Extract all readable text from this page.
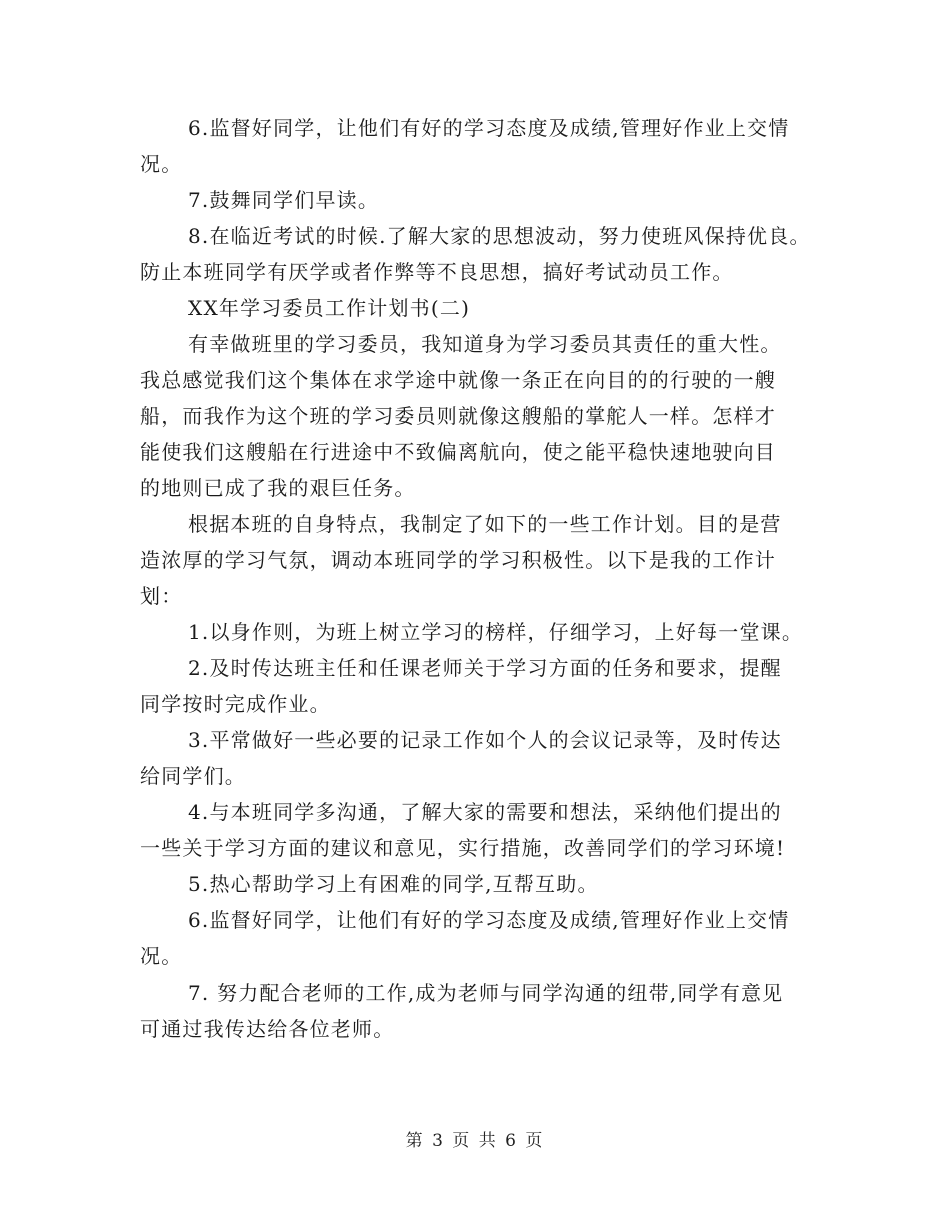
6.监督好同学，让他们有好的学习态度及成绩,管理好作业上交情
况。
7.鼓舞同学们早读。
8.在临近考试的时候.了解大家的思想波动，努力使班风保持优良。
防止本班同学有厌学或者作弊等不良思想，搞好考试动员工作。
XX年学习委员工作计划书(二)
有幸做班里的学习委员，我知道身为学习委员其责任的重大性。
我总感觉我们这个集体在求学途中就像一条正在向目的的行驶的一艘
船，而我作为这个班的学习委员则就像这艘船的掌舵人一样。怎样才
能使我们这艘船在行进途中不致偏离航向，使之能平稳快速地驶向目
的地则已成了我的艰巨任务。
根据本班的自身特点，我制定了如下的一些工作计划。目的是营
造浓厚的学习气氛，调动本班同学的学习积极性。以下是我的工作计
划：
1.以身作则，为班上树立学习的榜样，仔细学习，上好每一堂课。
2.及时传达班主任和任课老师关于学习方面的任务和要求，提醒
同学按时完成作业。
3.平常做好一些必要的记录工作如个人的会议记录等，及时传达
给同学们。
4.与本班同学多沟通，了解大家的需要和想法，采纳他们提出的
一些关于学习方面的建议和意见，实行措施，改善同学们的学习环境!
5.热心帮助学习上有困难的同学,互帮互助。
6.监督好同学，让他们有好的学习态度及成绩,管理好作业上交情
况。
7. 努力配合老师的工作,成为老师与同学沟通的纽带,同学有意见
可通过我传达给各位老师。
第 3 页 共 6 页
